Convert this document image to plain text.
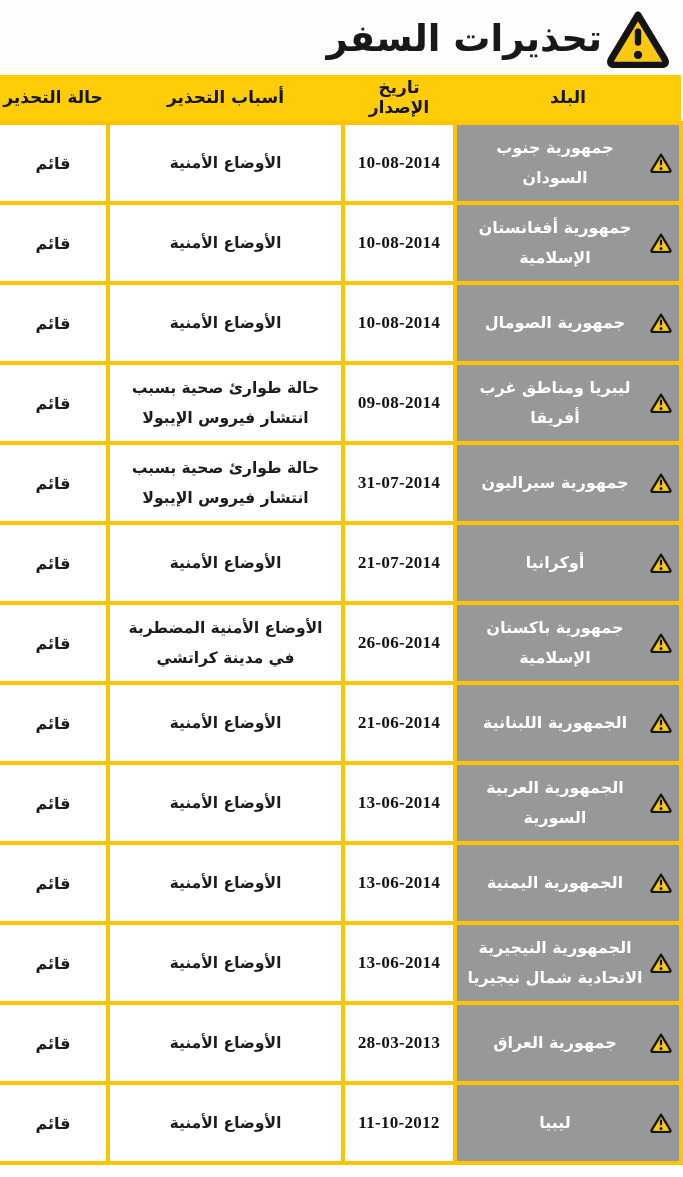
تحذيرات السفر
البلد	تاريخ الإصدار	أسباب التحذير	حالة التحذير

جمهورية جنوب السودان	10-08-2014	الأوضاع الأمنية	قائم

جمهورية أفغانستان الإسلامية	10-08-2014	الأوضاع الأمنية	قائم

جمهورية الصومال	10-08-2014	الأوضاع الأمنية	قائم

ليبريا ومناطق غرب أفريقا	09-08-2014	حالة طوارئ صحية بسبب انتشار فيروس الإيبولا	قائم

جمهورية سيراليون	31-07-2014	حالة طوارئ صحية بسبب انتشار فيروس الإيبولا	قائم

أوكرانيا	21-07-2014	الأوضاع الأمنية	قائم

جمهورية باكستان الإسلامية	26-06-2014	الأوضاع الأمنية المضطربة في مدينة كراتشي	قائم

الجمهورية اللبنانية	21-06-2014	الأوضاع الأمنية	قائم

الجمهورية العربية السورية	13-06-2014	الأوضاع الأمنية	قائم

الجمهورية اليمنية	13-06-2014	الأوضاع الأمنية	قائم

الجمهورية النيجيرية الاتحادية شمال نيجيريا	13-06-2014	الأوضاع الأمنية	قائم

جمهورية العراق	28-03-2013	الأوضاع الأمنية	قائم

ليبيا	11-10-2012	الأوضاع الأمنية	قائم
